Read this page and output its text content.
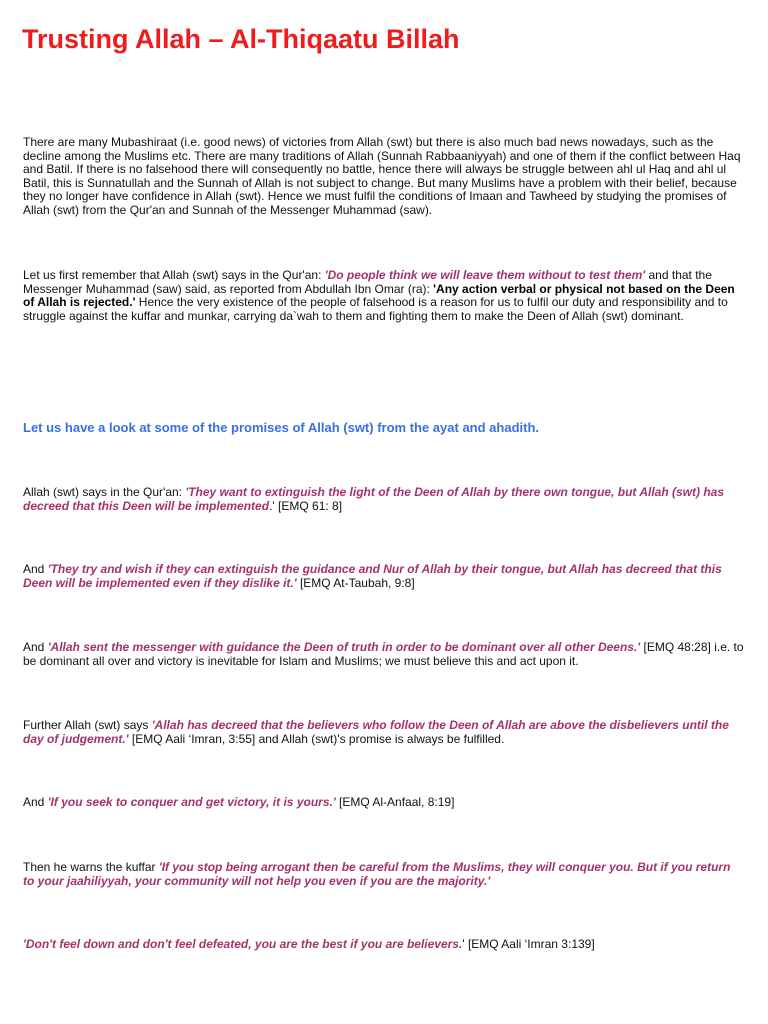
Trusting Allah – Al-Thiqaatu Billah

There are many Mubashiraat (i.e. good news) of victories from Allah (swt) but there is also much bad news nowadays, such as the decline among the Muslims etc. There are many traditions of Allah (Sunnah Rabbaaniyyah) and one of them if the conflict between Haq and Batil. If there is no falsehood there will consequently no battle, hence there will always be struggle between ahl ul Haq and ahl ul Batil, this is Sunnatullah and the Sunnah of Allah is not subject to change. But many Muslims have a problem with their belief, because they no longer have confidence in Allah (swt). Hence we must fulfil the conditions of Imaan and Tawheed by studying the promises of Allah (swt) from the Qur'an and Sunnah of the Messenger Muhammad (saw).

Let us first remember that Allah (swt) says in the Qur'an: 'Do people think we will leave them without to test them' and that the Messenger Muhammad (saw) said, as reported from Abdullah Ibn Omar (ra): 'Any action verbal or physical not based on the Deen of Allah is rejected.' Hence the very existence of the people of falsehood is a reason for us to fulfil our duty and responsibility and to struggle against the kuffar and munkar, carrying da`wah to them and fighting them to make the Deen of Allah (swt) dominant.

Let us have a look at some of the promises of Allah (swt) from the ayat and ahadith.

Allah (swt) says in the Qur'an: 'They want to extinguish the light of the Deen of Allah by there own tongue, but Allah (swt) has decreed that this Deen will be implemented.' [EMQ 61: 8]

And 'They try and wish if they can extinguish the guidance and Nur of Allah by their tongue, but Allah has decreed that this Deen will be implemented even if they dislike it.' [EMQ At-Taubah, 9:8]

And 'Allah sent the messenger with guidance the Deen of truth in order to be dominant over all other Deens.' [EMQ 48:28] i.e. to be dominant all over and victory is inevitable for Islam and Muslims; we must believe this and act upon it.

Further Allah (swt) says 'Allah has decreed that the believers who follow the Deen of Allah are above the disbelievers until the day of judgement.' [EMQ Aali ‘Imran, 3:55] and Allah (swt)'s promise is always be fulfilled.

And 'If you seek to conquer and get victory, it is yours.' [EMQ Al-Anfaal, 8:19]

Then he warns the kuffar 'If you stop being arrogant then be careful from the Muslims, they will conquer you. But if you return to your jaahiliyyah, your community will not help you even if you are the majority.'

'Don't feel down and don't feel defeated, you are the best if you are believers.' [EMQ Aali ‘Imran 3:139]
